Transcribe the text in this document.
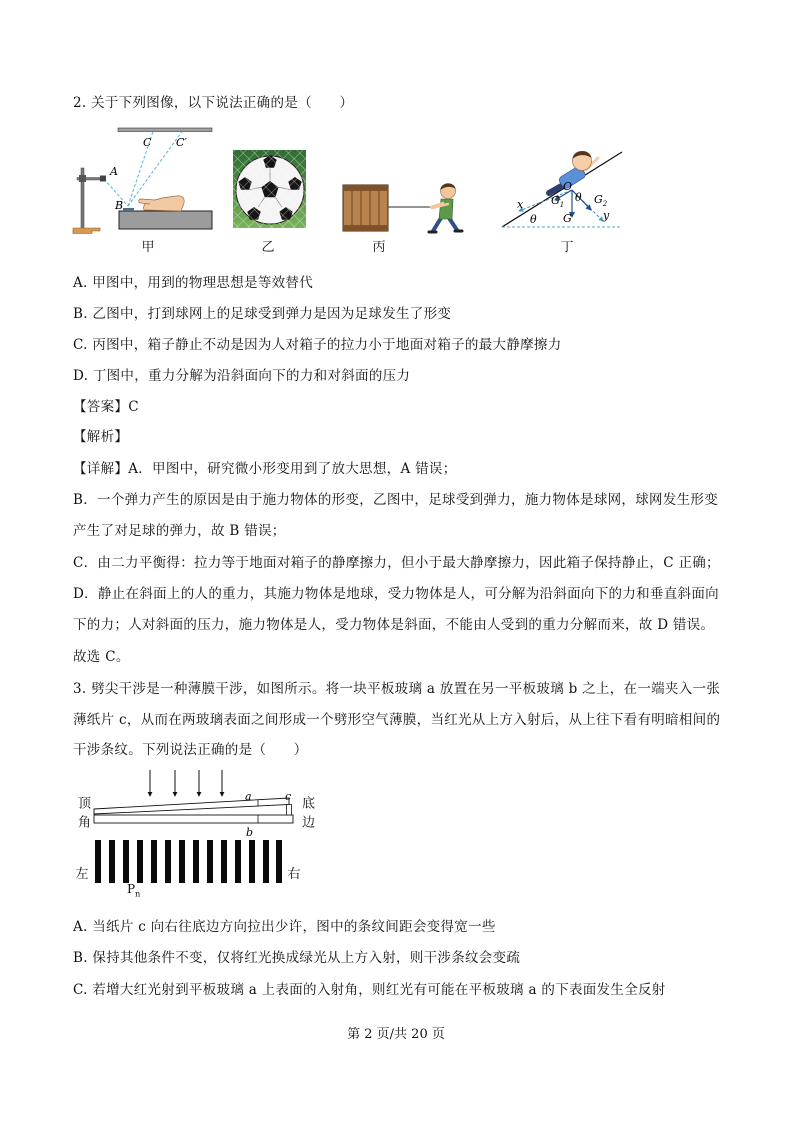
2. 关于下列图像，以下说法正确的是（　　）
C C′
A
B
O
x
y
θ
θ
G
$G_1$	$G_2$
甲	乙	丙	丁
A. 甲图中，用到的物理思想是等效替代
B. 乙图中，打到球网上的足球受到弹力是因为足球发生了形变
C. 丙图中，箱子静止不动是因为人对箱子的拉力小于地面对箱子的最大静摩擦力
D. 丁图中，重力分解为沿斜面向下的力和对斜面的压力
【答案】C
【解析】
【详解】A．甲图中，研究微小形变用到了放大思想，A 错误；
B．一个弹力产生的原因是由于施力物体的形变，乙图中，足球受到弹力，施力物体是球网，球网发生形变
产生了对足球的弹力，故 B 错误；
C．由二力平衡得：拉力等于地面对箱子的静摩擦力，但小于最大静摩擦力，因此箱子保持静止，C 正确；
D．静止在斜面上的人的重力，其施力物体是地球，受力物体是人，可分解为沿斜面向下的力和垂直斜面向
下的力；人对斜面的压力，施力物体是人，受力物体是斜面，不能由人受到的重力分解而来，故 D 错误。
故选 C。
3. 劈尖干涉是一种薄膜干涉，如图所示。将一块平板玻璃 a 放置在另一平板玻璃 b 之上，在一端夹入一张
薄纸片 c，从而在两玻璃表面之间形成一个劈形空气薄膜，当红光从上方入射后，从上往下看有明暗相间的
干涉条纹。下列说法正确的是（　　）
a	c
b
顶角	底边
左	右
$P_n$
A. 当纸片 c 向右往底边方向拉出少许，图中的条纹间距会变得宽一些
B. 保持其他条件不变，仅将红光换成绿光从上方入射，则干涉条纹会变疏
C. 若增大红光射到平板玻璃 a 上表面的入射角，则红光有可能在平板玻璃 a 的下表面发生全反射
第 2 页/共 20 页
